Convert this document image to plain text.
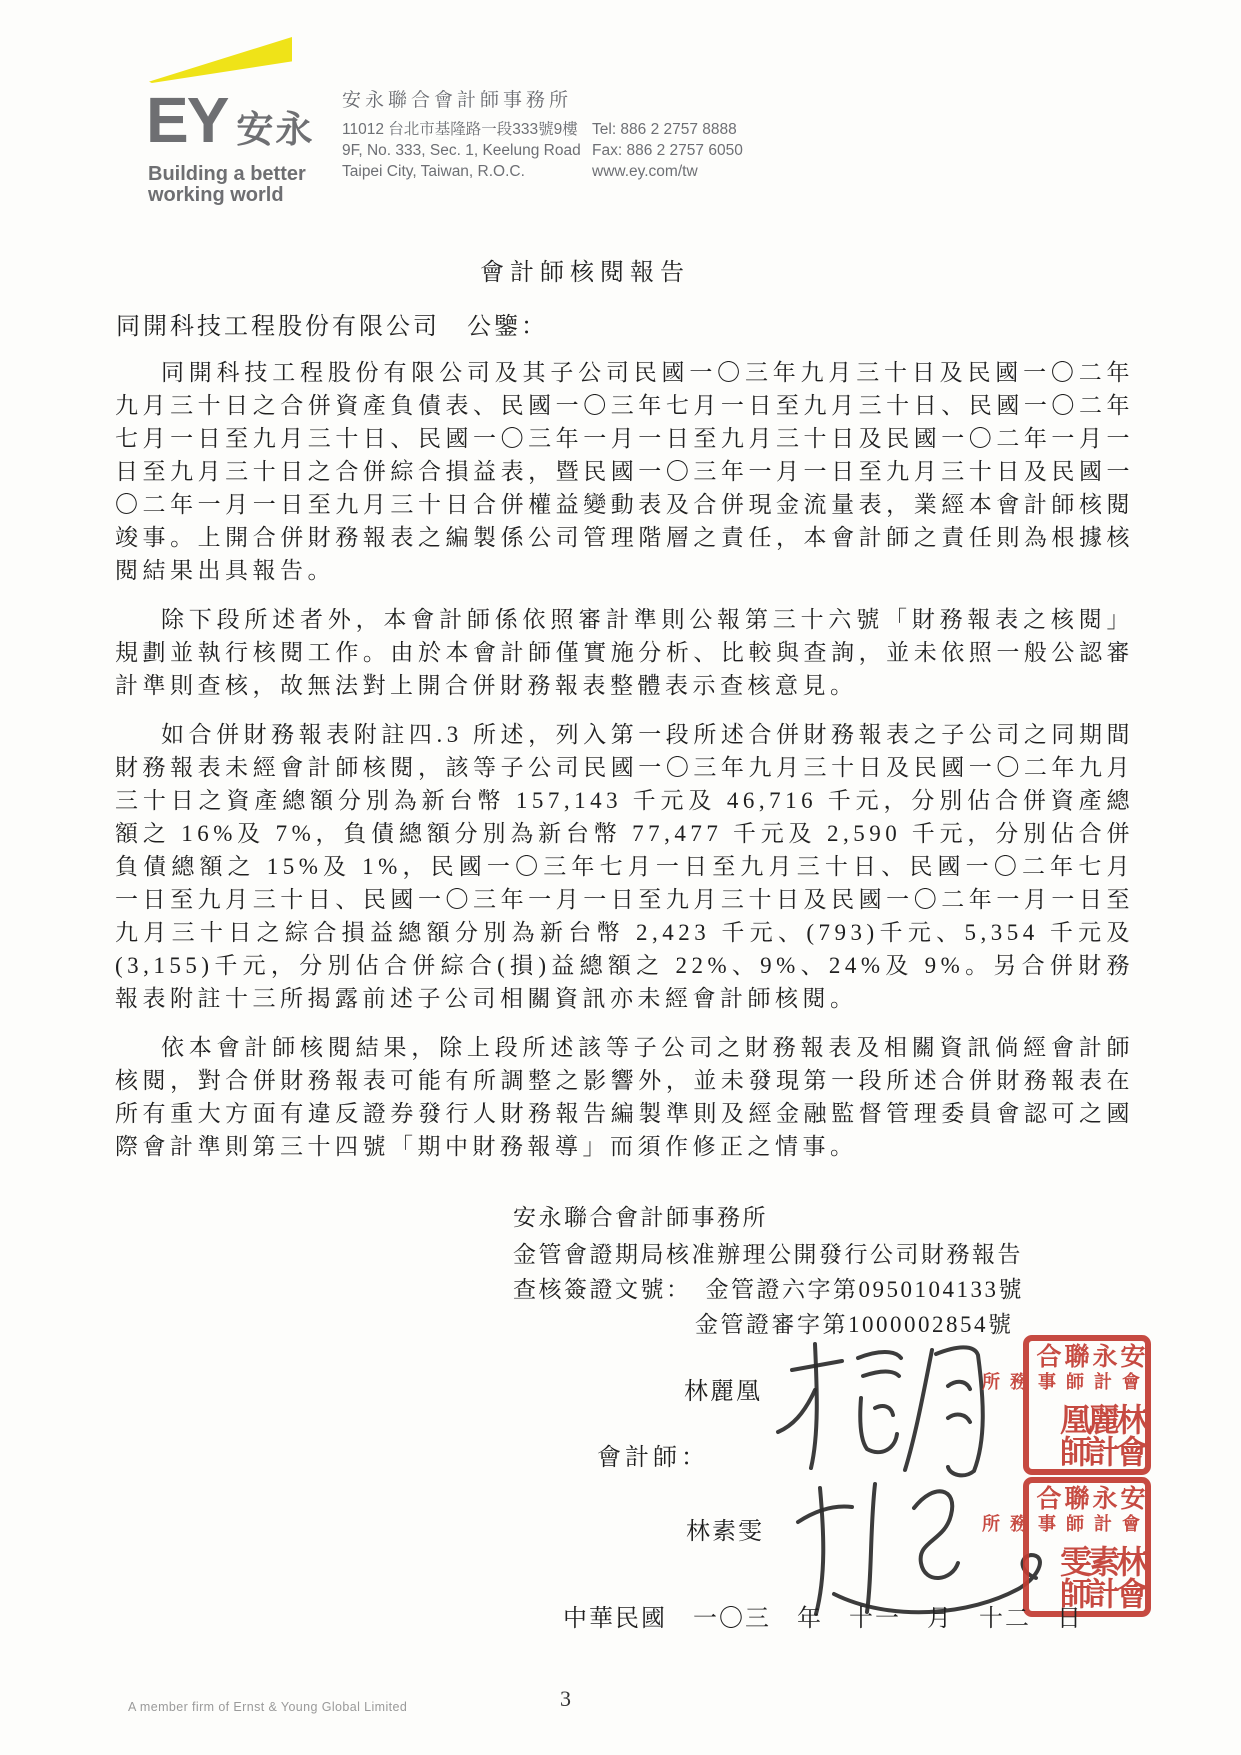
EY 安永
Building a better
working world
安永聯合會計師事務所
11012 台北市基隆路一段333號9樓
9F, No. 333, Sec. 1, Keelung Road
Taipei City, Taiwan, R.O.C.
Tel: 886 2 2757 8888
Fax: 886 2 2757 6050
www.ey.com/tw
會計師核閱報告
同開科技工程股份有限公司　公鑒：

同開科技工程股份有限公司及其子公司民國一〇三年九月三十日及民國一〇二年九月三十日之合併資產負債表、民國一〇三年七月一日至九月三十日、民國一〇二年七月一日至九月三十日、民國一〇三年一月一日至九月三十日及民國一〇二年一月一日至九月三十日之合併綜合損益表，暨民國一〇三年一月一日至九月三十日及民國一〇二年一月一日至九月三十日合併權益變動表及合併現金流量表，業經本會計師核閱竣事。上開合併財務報表之編製係公司管理階層之責任，本會計師之責任則為根據核閱結果出具報告。

除下段所述者外，本會計師係依照審計準則公報第三十六號「財務報表之核閱」規劃並執行核閱工作。由於本會計師僅實施分析、比較與查詢，並未依照一般公認審計準則查核，故無法對上開合併財務報表整體表示查核意見。

如合併財務報表附註四.3 所述，列入第一段所述合併財務報表之子公司之同期間財務報表未經會計師核閱，該等子公司民國一〇三年九月三十日及民國一〇二年九月三十日之資產總額分別為新台幣 157,143 千元及 46,716 千元，分別佔合併資產總額之 16%及 7%，負債總額分別為新台幣 77,477 千元及 2,590 千元，分別佔合併負債總額之 15%及 1%，民國一〇三年七月一日至九月三十日、民國一〇二年七月一日至九月三十日、民國一〇三年一月一日至九月三十日及民國一〇二年一月一日至九月三十日之綜合損益總額分別為新台幣 2,423 千元、(793)千元、5,354 千元及(3,155)千元，分別佔合併綜合(損)益總額之 22%、9%、24%及 9%。另合併財務報表附註十三所揭露前述子公司相關資訊亦未經會計師核閱。

依本會計師核閱結果，除上段所述該等子公司之財務報表及相關資訊倘經會計師核閱，對合併財務報表可能有所調整之影響外，並未發現第一段所述合併財務報表在所有重大方面有違反證券發行人財務報告編製準則及經金融監督管理委員會認可之國際會計準則第三十四號「期中財務報導」而須作修正之情事。

安永聯合會計師事務所
金管會證期局核准辦理公開發行公司財務報告
查核簽證文號：　金管證六字第0950104133號
金管證審字第1000002854號
會計師：
林麗凰
林素雯
安永聯合
會計師事務所
林麗凰
會計師
安永聯合
會計師事務所
林素雯
會計師
中華民國　一〇三　年　十一　月　十二　日
A member firm of Ernst & Young Global Limited	3
